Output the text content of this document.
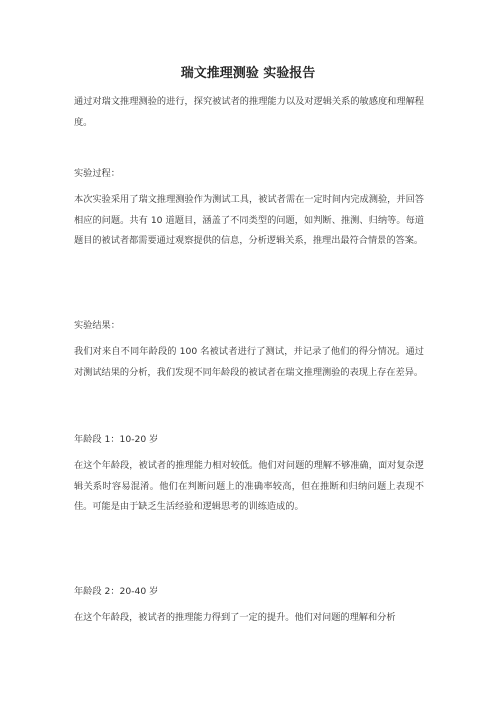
瑞文推理测验 实验报告
通过对瑞文推理测验的进行，探究被试者的推理能力以及对逻辑关系的敏感度和理解程度。
实验过程：
本次实验采用了瑞文推理测验作为测试工具，被试者需在一定时间内完成测验，并回答相应的问题。共有 10 道题目，涵盖了不同类型的问题，如判断、推测、归纳等。每道题目的被试者都需要通过观察提供的信息，分析逻辑关系，推理出最符合情景的答案。
实验结果：
我们对来自不同年龄段的 100 名被试者进行了测试，并记录了他们的得分情况。通过对测试结果的分析，我们发现不同年龄段的被试者在瑞文推理测验的表现上存在差异。
年龄段 1：10-20 岁
在这个年龄段，被试者的推理能力相对较低。他们对问题的理解不够准确，面对复杂逻辑关系时容易混淆。他们在判断问题上的准确率较高，但在推断和归纳问题上表现不佳。可能是由于缺乏生活经验和逻辑思考的训练造成的。
年龄段 2：20-40 岁
在这个年龄段，被试者的推理能力得到了一定的提升。他们对问题的理解和分析
